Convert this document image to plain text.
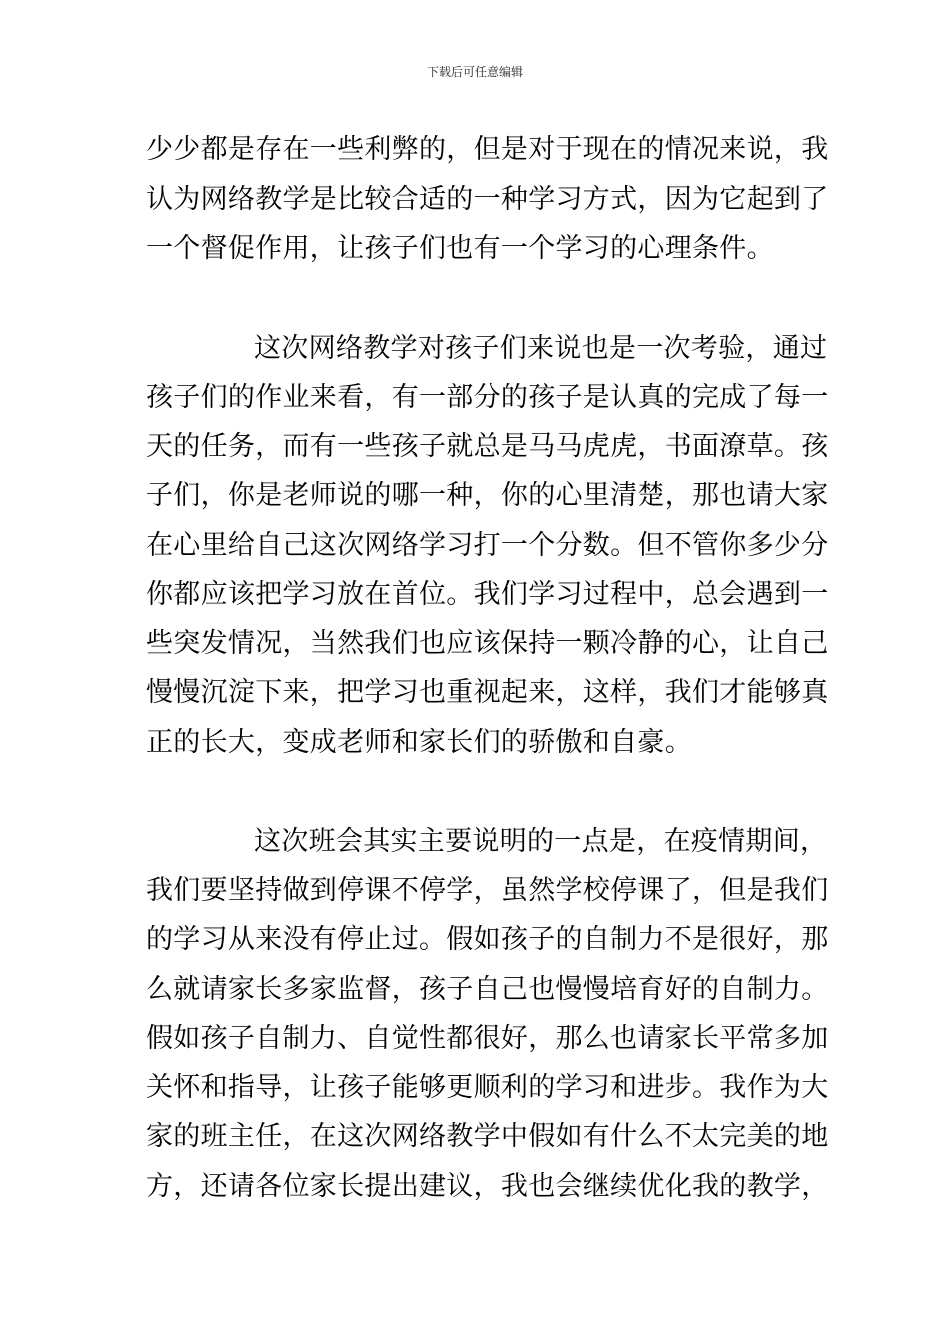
下载后可任意编辑
少少都是存在一些利弊的，但是对于现在的情况来说，我
认为网络教学是比较合适的一种学习方式，因为它起到了
一个督促作用，让孩子们也有一个学习的心理条件。
这次网络教学对孩子们来说也是一次考验，通过
孩子们的作业来看，有一部分的孩子是认真的完成了每一
天的任务，而有一些孩子就总是马马虎虎，书面潦草。孩
子们，你是老师说的哪一种，你的心里清楚，那也请大家
在心里给自己这次网络学习打一个分数。但不管你多少分
你都应该把学习放在首位。我们学习过程中，总会遇到一
些突发情况，当然我们也应该保持一颗冷静的心，让自己
慢慢沉淀下来，把学习也重视起来，这样，我们才能够真
正的长大，变成老师和家长们的骄傲和自豪。
这次班会其实主要说明的一点是，在疫情期间，
我们要坚持做到停课不停学，虽然学校停课了，但是我们
的学习从来没有停止过。假如孩子的自制力不是很好，那
么就请家长多家监督，孩子自己也慢慢培育好的自制力。
假如孩子自制力、自觉性都很好，那么也请家长平常多加
关怀和指导，让孩子能够更顺利的学习和进步。我作为大
家的班主任，在这次网络教学中假如有什么不太完美的地
方，还请各位家长提出建议，我也会继续优化我的教学，
